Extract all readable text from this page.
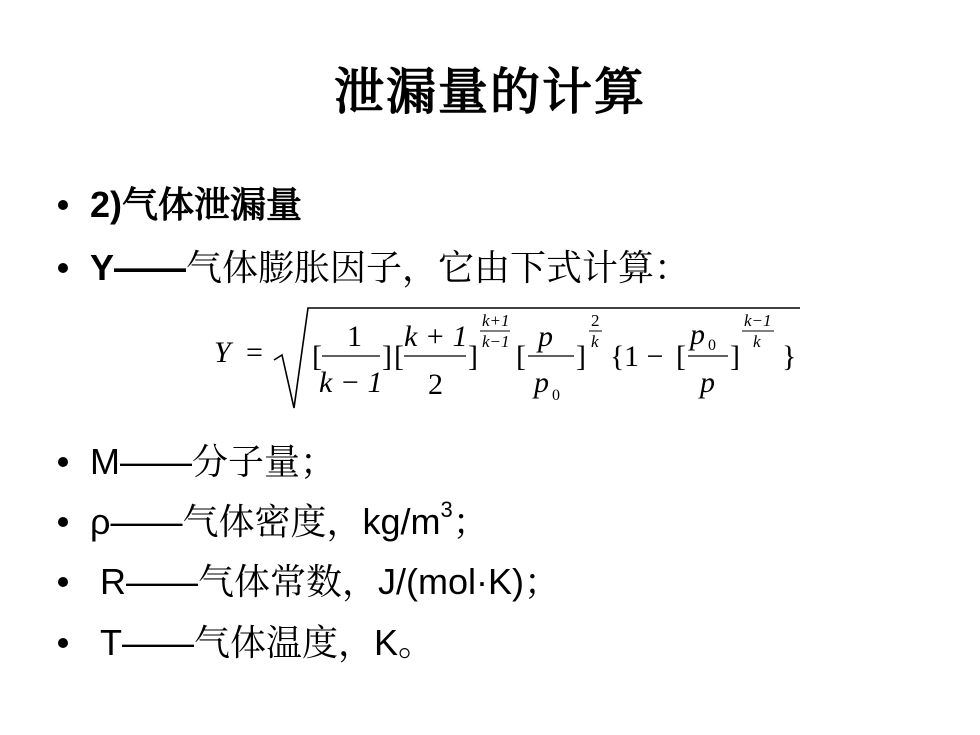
泄漏量的计算
2)气体泄漏量
Y——气体膨胀因子，它由下式计算：
Y = [
1
k − 1
] [
k + 1
2
]
k+1
k−1 [
p
p 0
]
2
k { 1 − [
p 0
p
]
k−1
k }
M——分子量；
ρ——气体密度，$kg/m^3$；
R——气体常数，J/(mol·K)；
T——气体温度，K。
